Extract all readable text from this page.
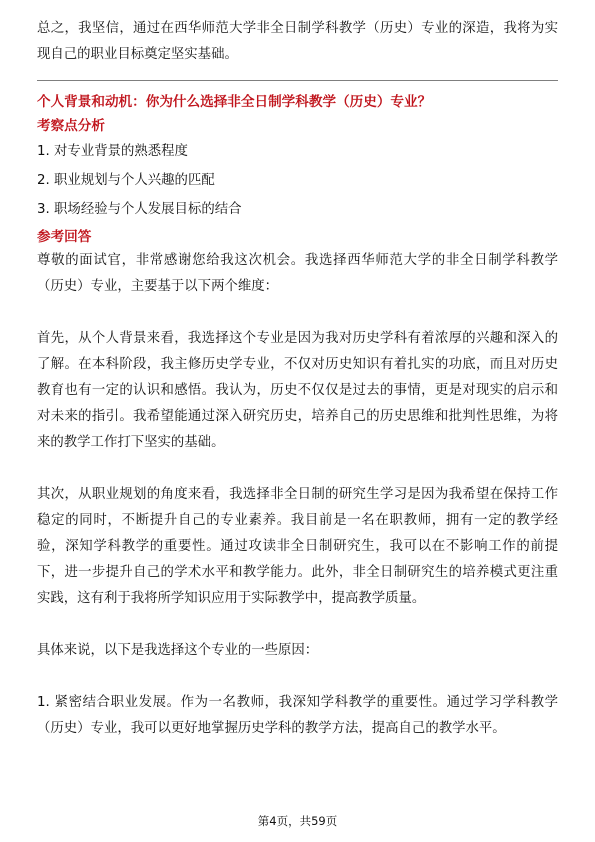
总之，我坚信，通过在西华师范大学非全日制学科教学（历史）专业的深造，我将为实现自己的职业目标奠定坚实基础。

个人背景和动机：你为什么选择非全日制学科教学（历史）专业？

考察点分析

1. 对专业背景的熟悉程度
2. 职业规划与个人兴趣的匹配
3. 职场经验与个人发展目标的结合

参考回答

尊敬的面试官，非常感谢您给我这次机会。我选择西华师范大学的非全日制学科教学（历史）专业，主要基于以下两个维度：

首先，从个人背景来看，我选择这个专业是因为我对历史学科有着浓厚的兴趣和深入的了解。在本科阶段，我主修历史学专业，不仅对历史知识有着扎实的功底，而且对历史教育也有一定的认识和感悟。我认为，历史不仅仅是过去的事情，更是对现实的启示和对未来的指引。我希望能通过深入研究历史，培养自己的历史思维和批判性思维，为将来的教学工作打下坚实的基础。

其次，从职业规划的角度来看，我选择非全日制的研究生学习是因为我希望在保持工作稳定的同时，不断提升自己的专业素养。我目前是一名在职教师，拥有一定的教学经验，深知学科教学的重要性。通过攻读非全日制研究生，我可以在不影响工作的前提下，进一步提升自己的学术水平和教学能力。此外，非全日制研究生的培养模式更注重实践，这有利于我将所学知识应用于实际教学中，提高教学质量。

具体来说，以下是我选择这个专业的一些原因：

1. 紧密结合职业发展。作为一名教师，我深知学科教学的重要性。通过学习学科教学（历史）专业，我可以更好地掌握历史学科的教学方法，提高自己的教学水平。

第4页，共59页
